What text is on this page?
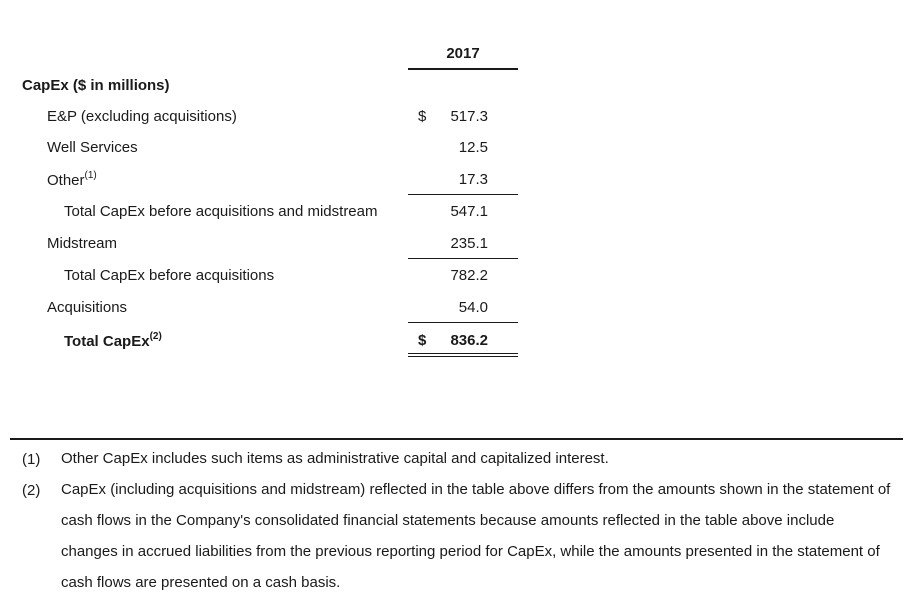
2017
CapEx ($ in millions)
E&P (excluding acquisitions)	$ 517.3
Well Services	12.5
Other$^{(1)}$	17.3
Total CapEx before acquisitions and midstream	547.1
Midstream	235.1
Total CapEx before acquisitions	782.2
Acquisitions	54.0
Total CapEx$^{(2)}$	$ 836.2
(1) Other CapEx includes such items as administrative capital and capitalized interest.
(2) CapEx (including acquisitions and midstream) reflected in the table above differs from the amounts shown in the statement of cash flows in the Company's consolidated financial statements because amounts reflected in the table above include changes in accrued liabilities from the previous reporting period for CapEx, while the amounts presented in the statement of cash flows are presented on a cash basis.
